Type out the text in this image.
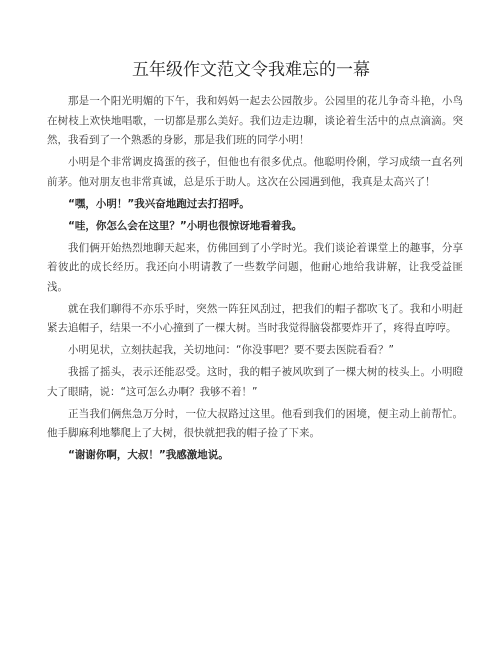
五年级作文范文令我难忘的一幕

那是一个阳光明媚的下午，我和妈妈一起去公园散步。公园里的花儿争奇斗艳，小鸟在树枝上欢快地唱歌，一切都是那么美好。我们边走边聊，谈论着生活中的点点滴滴。突然，我看到了一个熟悉的身影，那是我们班的同学小明！

小明是个非常调皮捣蛋的孩子，但他也有很多优点。他聪明伶俐，学习成绩一直名列前茅。他对朋友也非常真诚，总是乐于助人。这次在公园遇到他，我真是太高兴了！

“嘿，小明！”我兴奋地跑过去打招呼。

“哇，你怎么会在这里？”小明也很惊讶地看着我。

我们俩开始热烈地聊天起来，仿佛回到了小学时光。我们谈论着课堂上的趣事，分享着彼此的成长经历。我还向小明请教了一些数学问题，他耐心地给我讲解，让我受益匪浅。

就在我们聊得不亦乐乎时，突然一阵狂风刮过，把我们的帽子都吹飞了。我和小明赶紧去追帽子，结果一不小心撞到了一棵大树。当时我觉得脑袋都要炸开了，疼得直哼哼。

小明见状，立刻扶起我，关切地问：“你没事吧？要不要去医院看看？”

我摇了摇头，表示还能忍受。这时，我的帽子被风吹到了一棵大树的枝头上。小明瞪大了眼睛，说：“这可怎么办啊？我够不着！”

正当我们俩焦急万分时，一位大叔路过这里。他看到我们的困境，便主动上前帮忙。他手脚麻利地攀爬上了大树，很快就把我的帽子捡了下来。

“谢谢你啊，大叔！”我感激地说。
